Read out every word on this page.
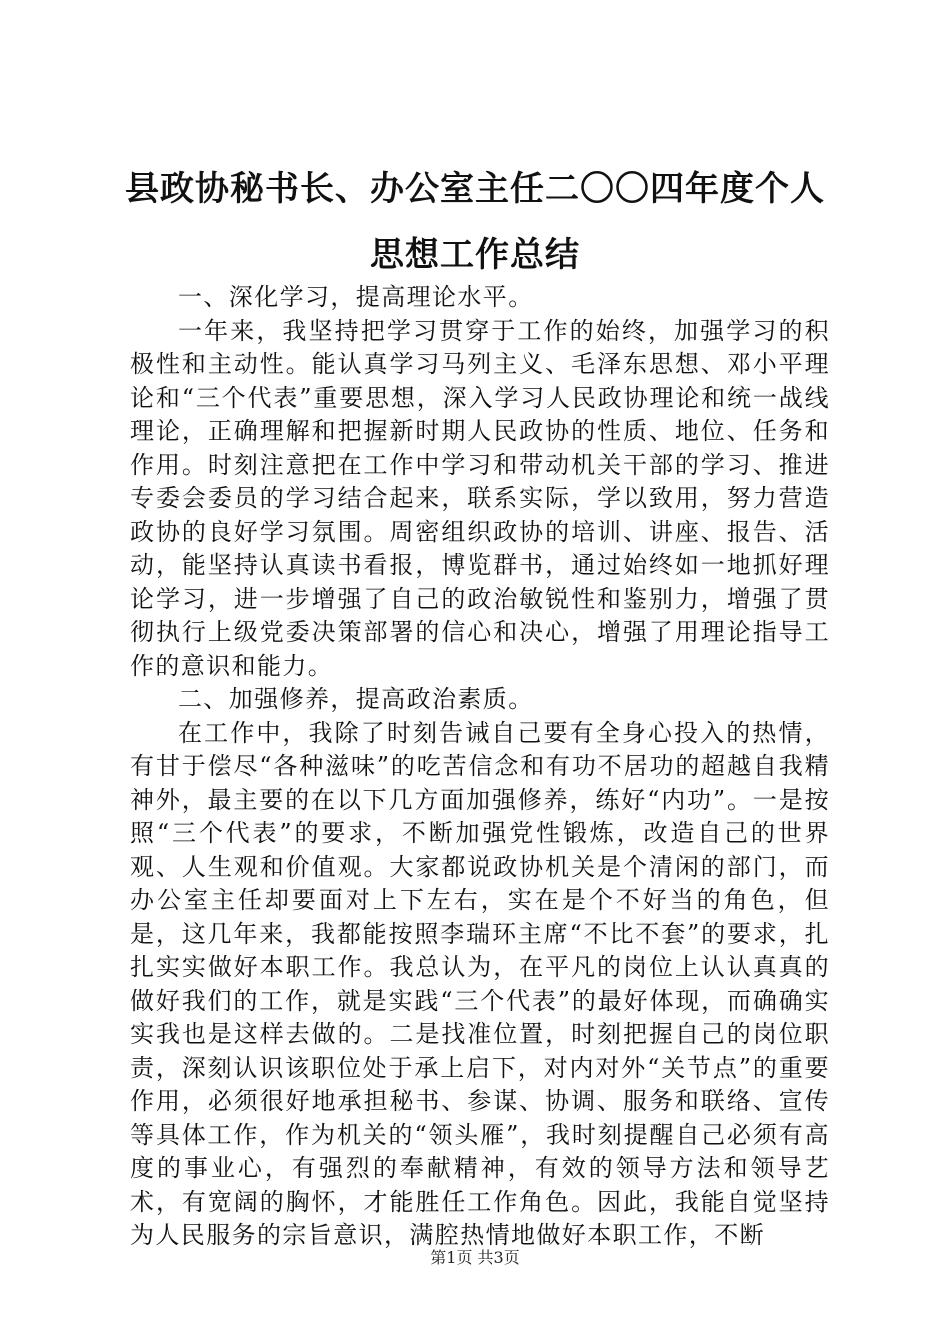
县政协秘书长、办公室主任二〇〇四年度个人
思想工作总结

一、深化学习，提高理论水平。

一年来，我坚持把学习贯穿于工作的始终，加强学习的积极性和主动性。能认真学习马列主义、毛泽东思想、邓小平理论和“三个代表”重要思想，深入学习人民政协理论和统一战线理论，正确理解和把握新时期人民政协的性质、地位、任务和作用。时刻注意把在工作中学习和带动机关干部的学习、推进专委会委员的学习结合起来，联系实际，学以致用，努力营造政协的良好学习氛围。周密组织政协的培训、讲座、报告、活动，能坚持认真读书看报，博览群书，通过始终如一地抓好理论学习，进一步增强了自己的政治敏锐性和鉴别力，增强了贯彻执行上级党委决策部署的信心和决心，增强了用理论指导工作的意识和能力。

二、加强修养，提高政治素质。

在工作中，我除了时刻告诫自己要有全身心投入的热情，有甘于偿尽“各种滋味”的吃苦信念和有功不居功的超越自我精神外，最主要的在以下几方面加强修养，练好“内功”。一是按照“三个代表”的要求，不断加强党性锻炼，改造自己的世界观、人生观和价值观。大家都说政协机关是个清闲的部门，而办公室主任却要面对上下左右，实在是个不好当的角色，但是，这几年来，我都能按照李瑞环主席“不比不套”的要求，扎扎实实做好本职工作。我总认为，在平凡的岗位上认认真真的做好我们的工作，就是实践“三个代表”的最好体现，而确确实实我也是这样去做的。二是找准位置，时刻把握自己的岗位职责，深刻认识该职位处于承上启下，对内对外“关节点”的重要作用，必须很好地承担秘书、参谋、协调、服务和联络、宣传等具体工作，作为机关的“领头雁”，我时刻提醒自己必须有高度的事业心，有强烈的奉献精神，有效的领导方法和领导艺术，有宽阔的胸怀，才能胜任工作角色。因此，我能自觉坚持为人民服务的宗旨意识，满腔热情地做好本职工作，不断

第1页 共3页
